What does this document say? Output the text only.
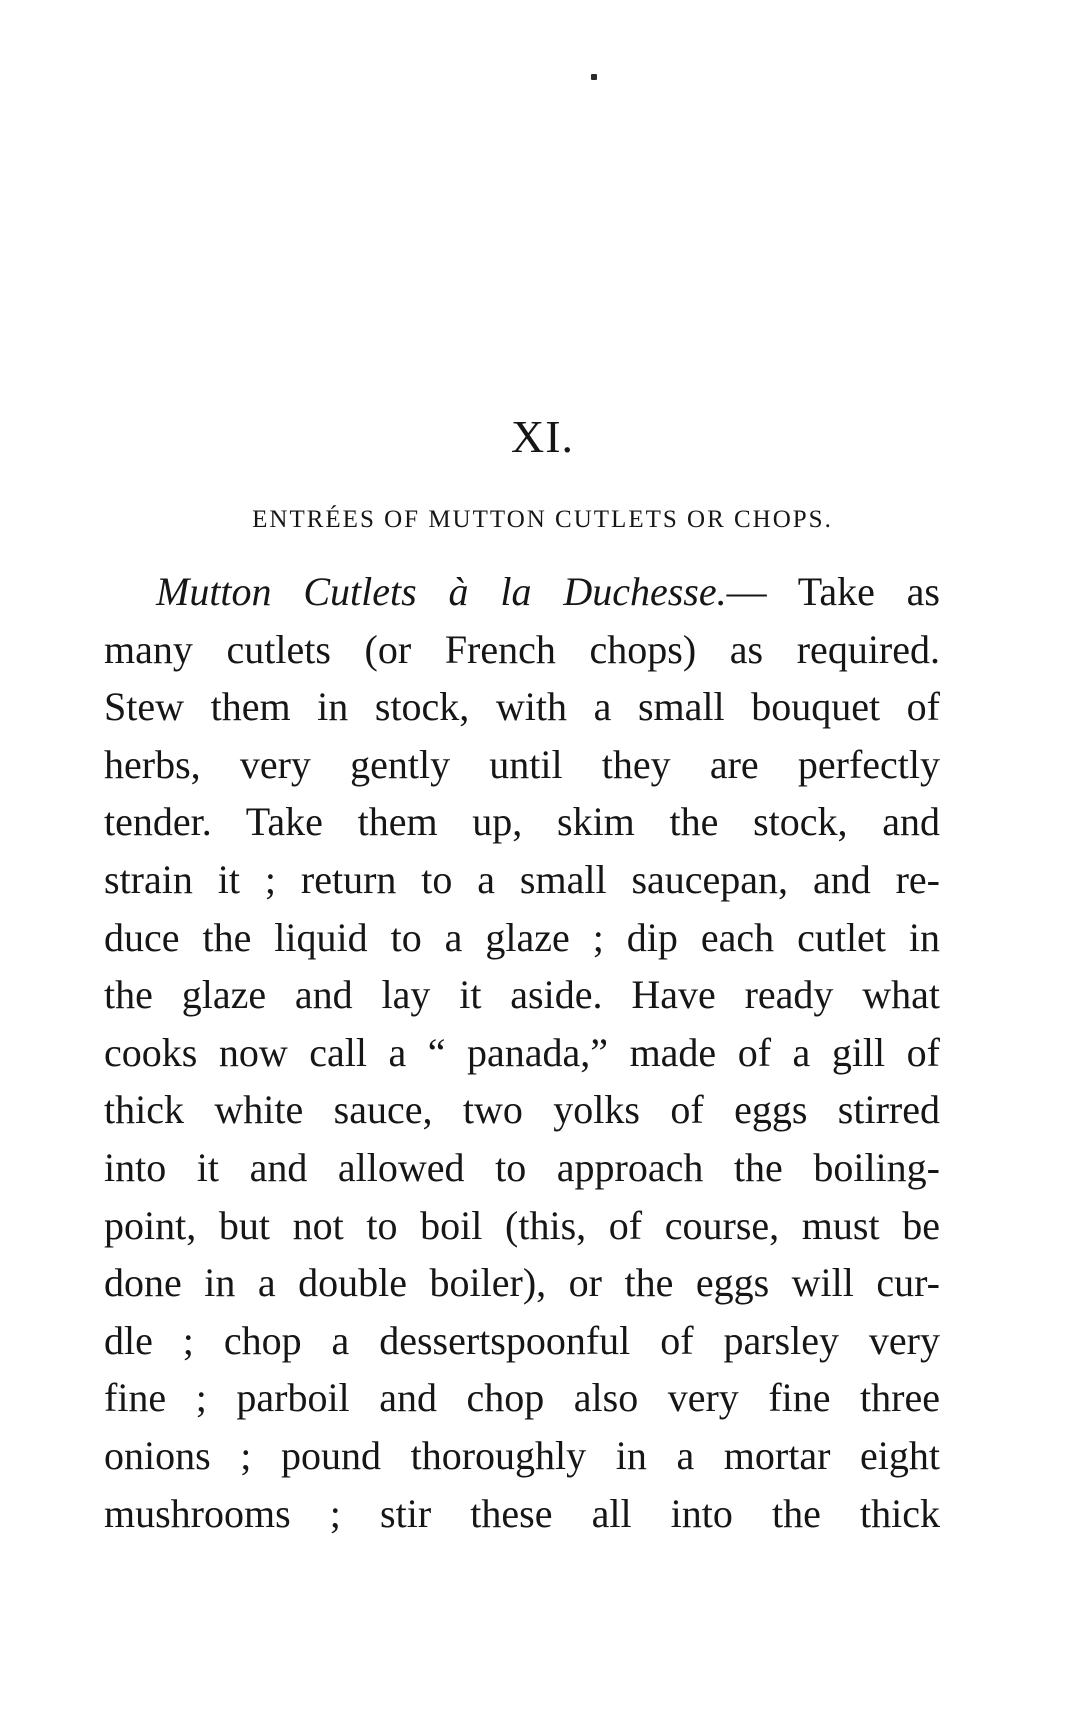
XI.
ENTRÉES OF MUTTON CUTLETS OR CHOPS.
Mutton Cutlets à la Duchesse.— Take as
many cutlets (or French chops) as required.
Stew them in stock, with a small bouquet of
herbs, very gently until they are perfectly
tender. Take them up, skim the stock, and
strain it ; return to a small saucepan, and re-
duce the liquid to a glaze ; dip each cutlet in
the glaze and lay it aside. Have ready what
cooks now call a “ panada,” made of a gill of
thick white sauce, two yolks of eggs stirred
into it and allowed to approach the boiling-
point, but not to boil (this, of course, must be
done in a double boiler), or the eggs will cur-
dle ; chop a dessertspoonful of parsley very
fine ; parboil and chop also very fine three
onions ; pound thoroughly in a mortar eight
mushrooms ; stir these all into the thick
